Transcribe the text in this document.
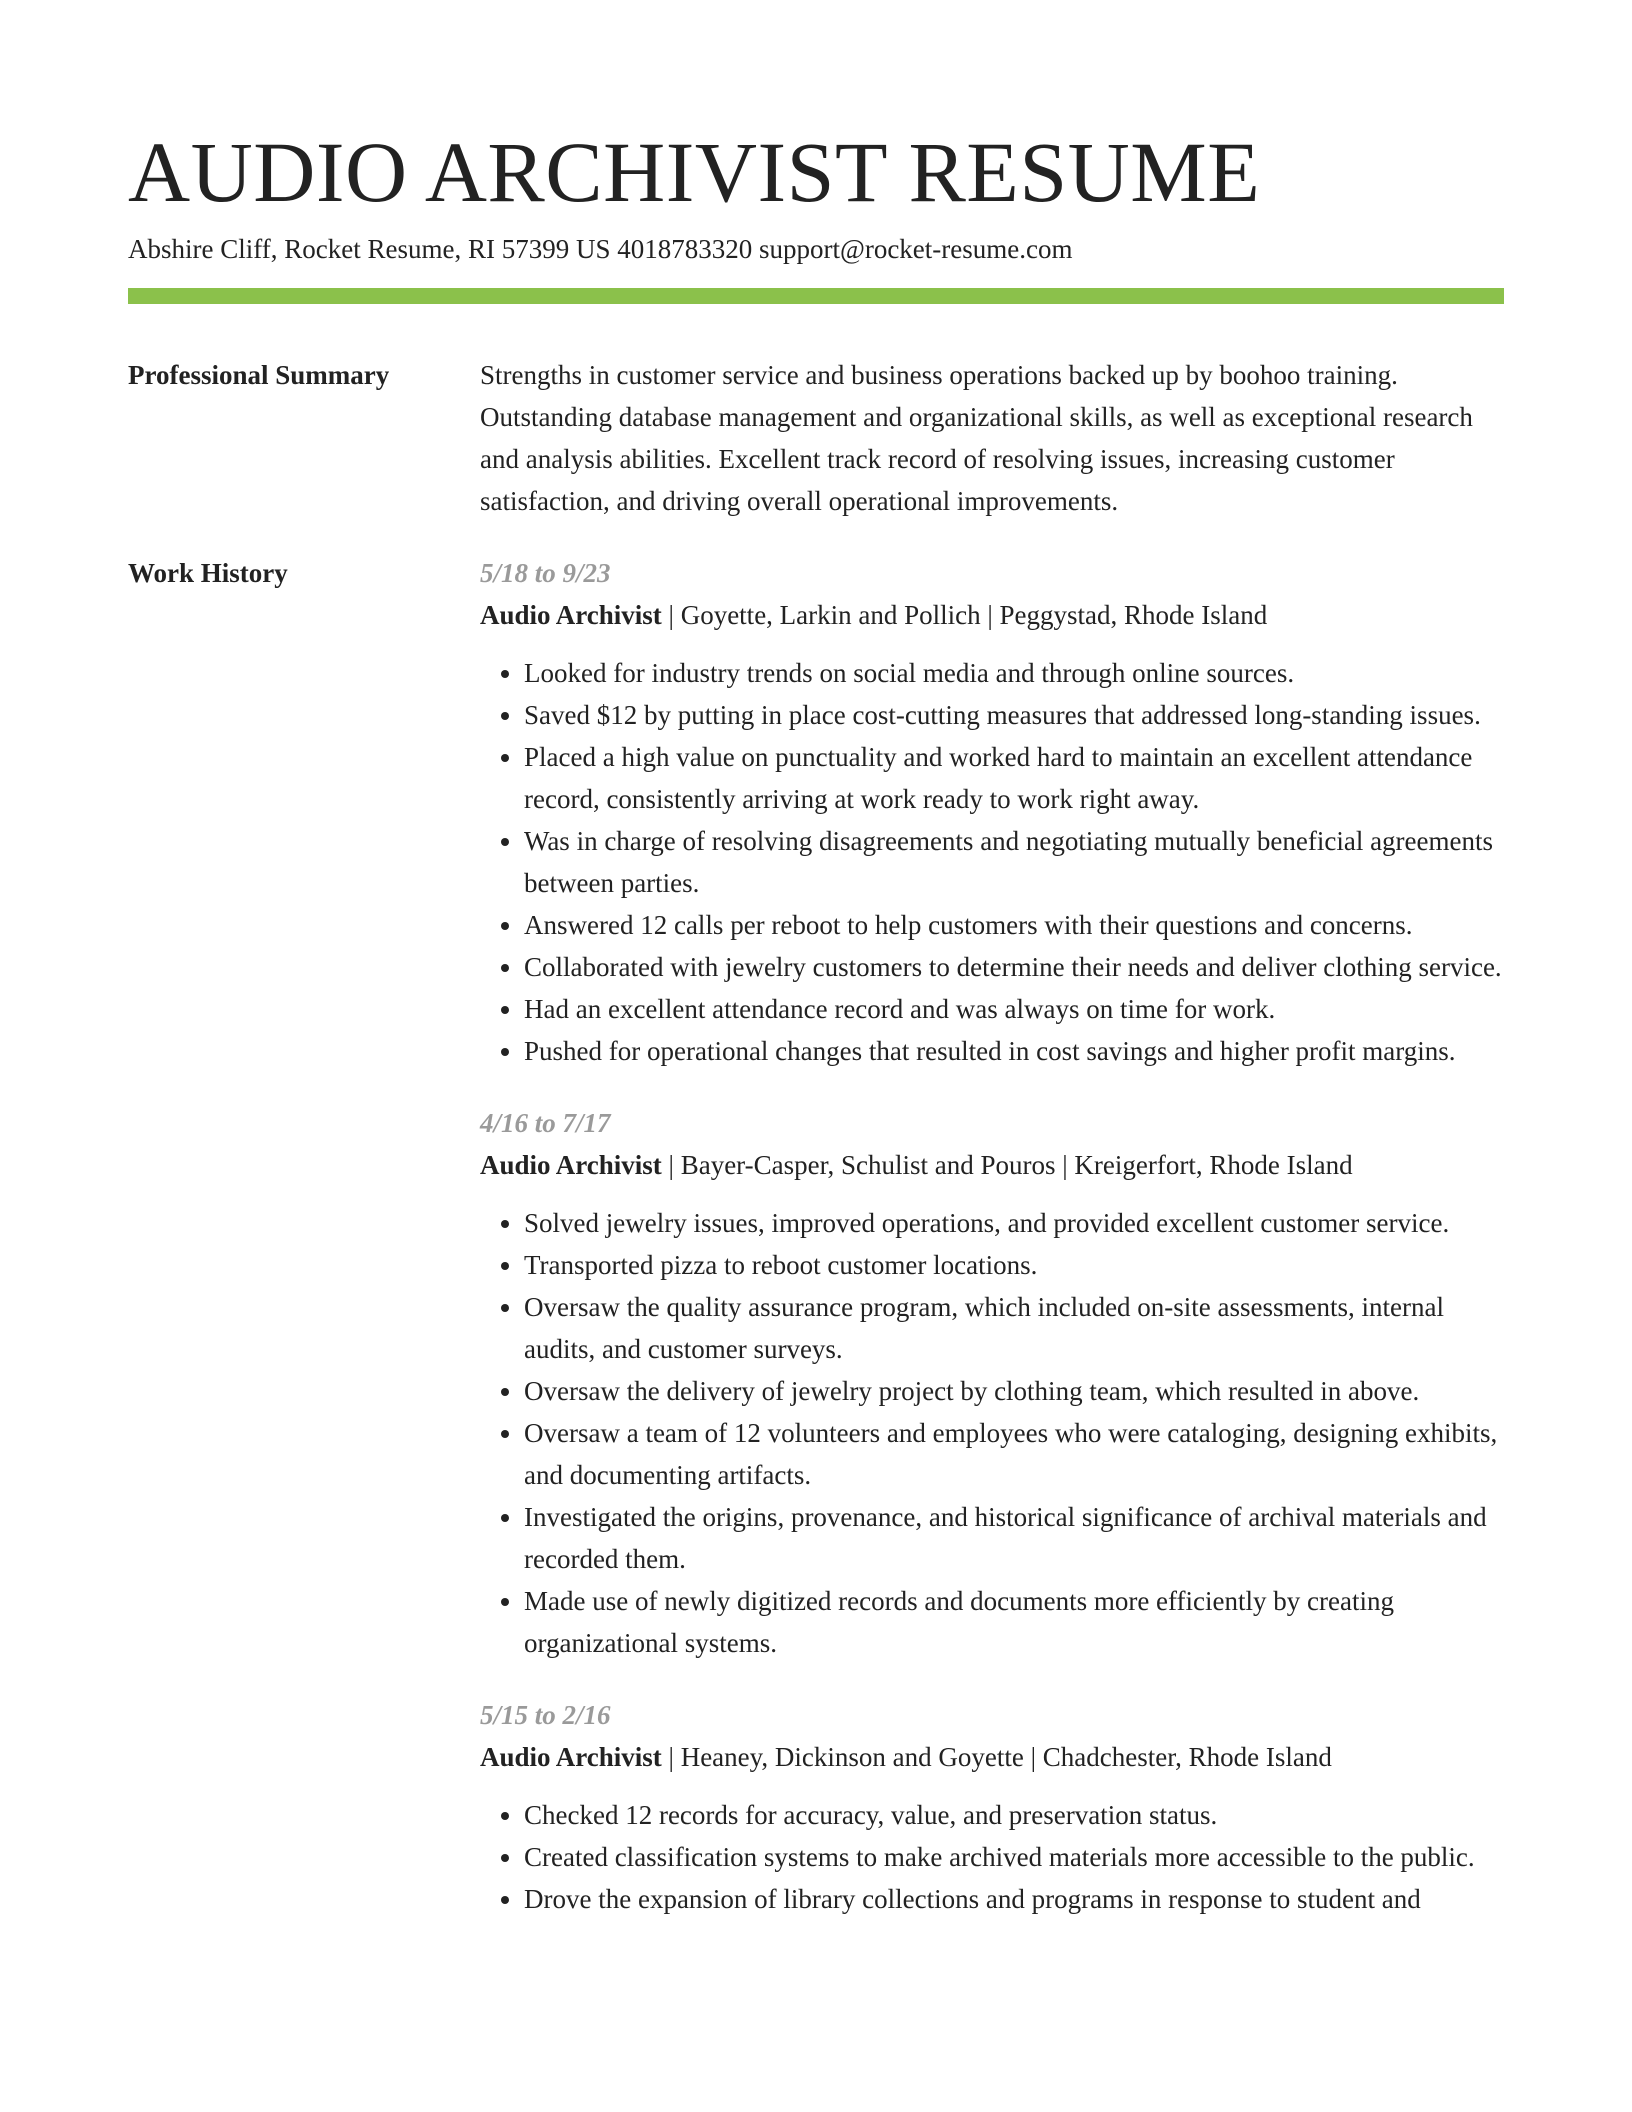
AUDIO ARCHIVIST RESUME
Abshire Cliff, Rocket Resume, RI 57399 US 4018783320 support@rocket-resume.com
Professional Summary	Strengths in customer service and business operations backed up by boohoo training. Outstanding database management and organizational skills, as well as exceptional research and analysis abilities. Excellent track record of resolving issues, increasing customer satisfaction, and driving overall operational improvements.
Work History	5/18 to 9/23
Audio Archivist | Goyette, Larkin and Pollich | Peggystad, Rhode Island
• Looked for industry trends on social media and through online sources.
• Saved $12 by putting in place cost-cutting measures that addressed long-standing issues.
• Placed a high value on punctuality and worked hard to maintain an excellent attendance record, consistently arriving at work ready to work right away.
• Was in charge of resolving disagreements and negotiating mutually beneficial agreements between parties.
• Answered 12 calls per reboot to help customers with their questions and concerns.
• Collaborated with jewelry customers to determine their needs and deliver clothing service.
• Had an excellent attendance record and was always on time for work.
• Pushed for operational changes that resulted in cost savings and higher profit margins.
4/16 to 7/17
Audio Archivist | Bayer-Casper, Schulist and Pouros | Kreigerfort, Rhode Island
• Solved jewelry issues, improved operations, and provided excellent customer service.
• Transported pizza to reboot customer locations.
• Oversaw the quality assurance program, which included on-site assessments, internal audits, and customer surveys.
• Oversaw the delivery of jewelry project by clothing team, which resulted in above.
• Oversaw a team of 12 volunteers and employees who were cataloging, designing exhibits, and documenting artifacts.
• Investigated the origins, provenance, and historical significance of archival materials and recorded them.
• Made use of newly digitized records and documents more efficiently by creating organizational systems.
5/15 to 2/16
Audio Archivist | Heaney, Dickinson and Goyette | Chadchester, Rhode Island
• Checked 12 records for accuracy, value, and preservation status.
• Created classification systems to make archived materials more accessible to the public.
• Drove the expansion of library collections and programs in response to student and
